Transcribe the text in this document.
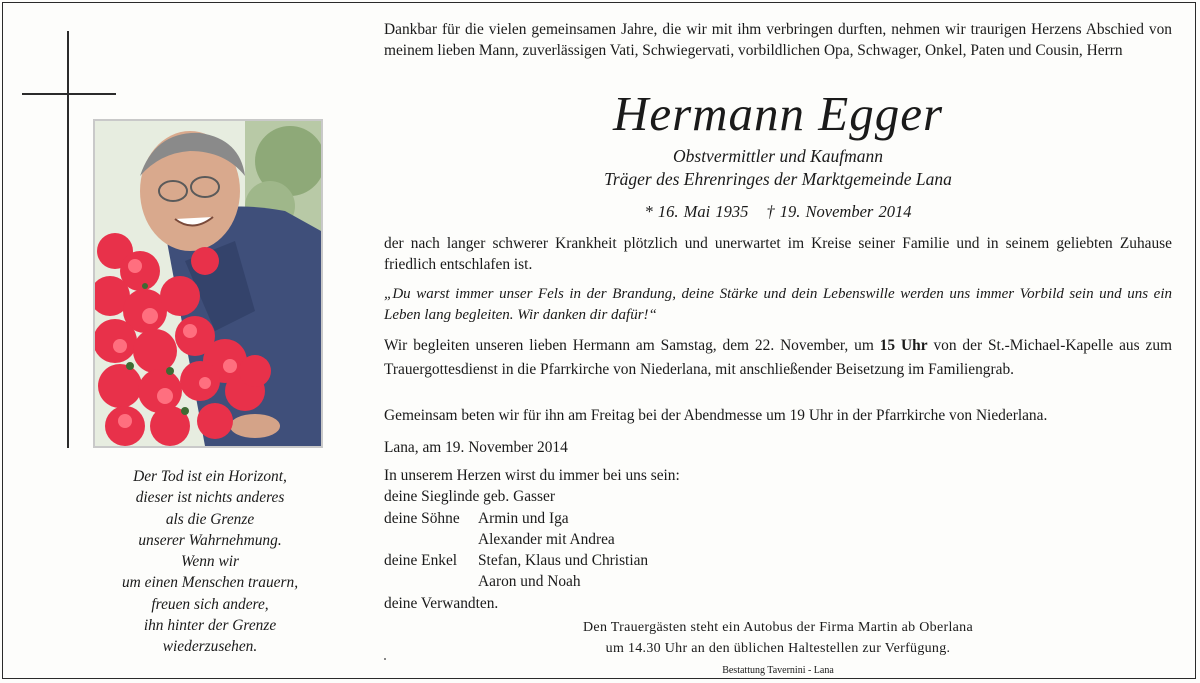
Der Tod ist ein Horizont,
dieser ist nichts anderes
als die Grenze
unserer Wahrnehmung.
Wenn wir
um einen Menschen trauern,
freuen sich andere,
ihn hinter der Grenze
wiederzusehen.
Dankbar für die vielen gemeinsamen Jahre, die wir mit ihm verbringen durften, nehmen wir traurigen Herzens Abschied von meinem lieben Mann, zuverlässigen Vati, Schwiegervati, vorbildlichen Opa, Schwager, Onkel, Paten und Cousin, Herrn
Hermann Egger
Obstvermittler und Kaufmann
Träger des Ehrenringes der Marktgemeinde Lana
* 16. Mai 1935 † 19. November 2014
der nach langer schwerer Krankheit plötzlich und unerwartet im Kreise seiner Familie und in seinem geliebten Zuhause friedlich entschlafen ist.
„Du warst immer unser Fels in der Brandung, deine Stärke und dein Lebenswille werden uns immer Vorbild sein und uns ein Leben lang begleiten. Wir danken dir dafür!“
Wir begleiten unseren lieben Hermann am Samstag, dem 22. November, um 15 Uhr von der St.-Michael-Kapelle aus zum Trauergottesdienst in die Pfarrkirche von Niederlana, mit anschließender Beisetzung im Familiengrab.
Gemeinsam beten wir für ihn am Freitag bei der Abendmesse um 19 Uhr in der Pfarrkirche von Niederlana.
Lana, am 19. November 2014
In unserem Herzen wirst du immer bei uns sein:
deine Sieglinde geb. Gasser
deine Söhne Armin und Iga
Alexander mit Andrea
deine Enkel Stefan, Klaus und Christian
Aaron und Noah
deine Verwandten.
Den Trauergästen steht ein Autobus der Firma Martin ab Oberlana
um 14.30 Uhr an den üblichen Haltestellen zur Verfügung.
Bestattung Tavernini - Lana
